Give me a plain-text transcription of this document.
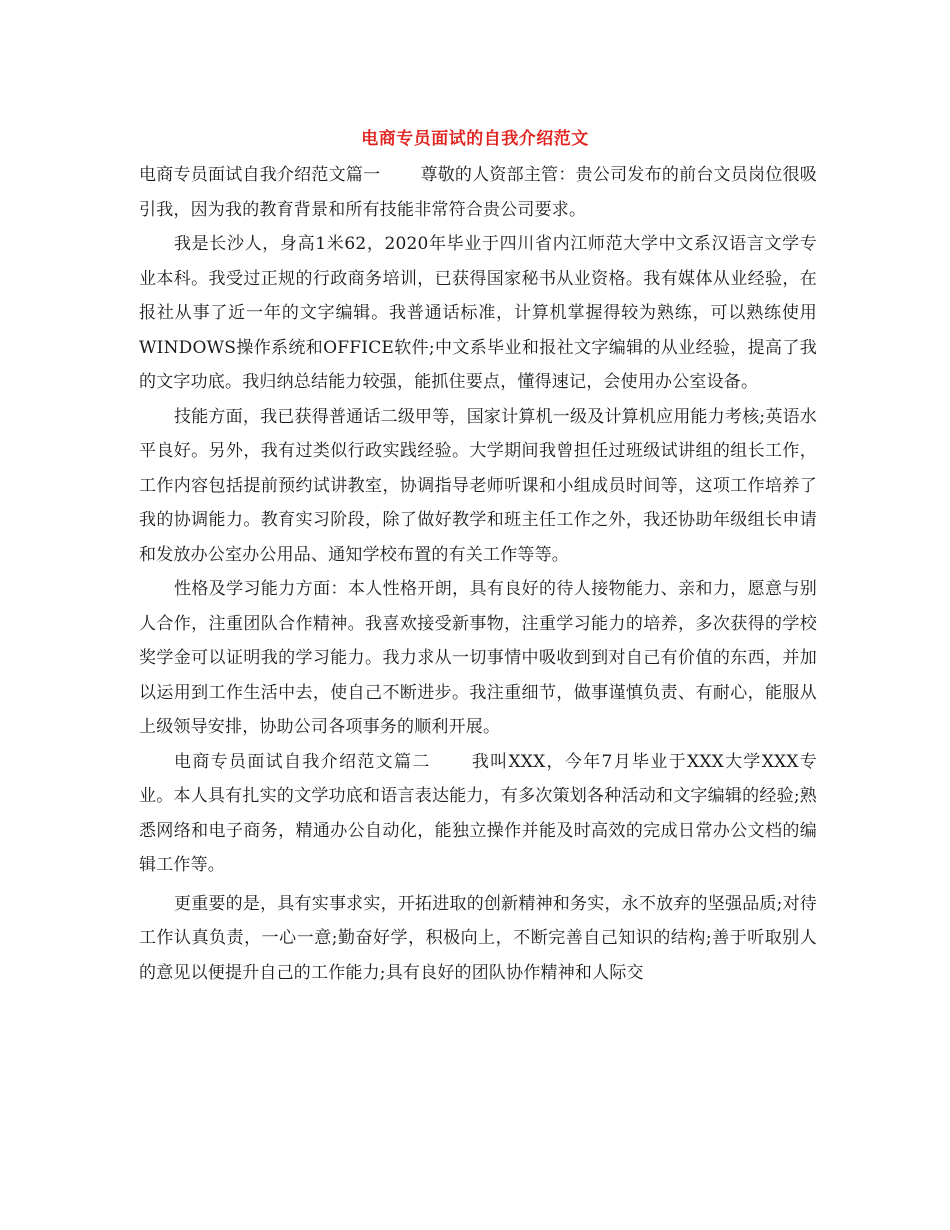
电商专员面试的自我介绍范文

电商专员面试自我介绍范文篇一 尊敬的人资部主管：贵公司发布的前台文员岗位很吸引我，因为我的教育背景和所有技能非常符合贵公司要求。

我是长沙人，身高1米62，2020年毕业于四川省内江师范大学中文系汉语言文学专业本科。我受过正规的行政商务培训，已获得国家秘书从业资格。我有媒体从业经验，在报社从事了近一年的文字编辑。我普通话标准，计算机掌握得较为熟练，可以熟练使用WINDOWS操作系统和OFFICE软件;中文系毕业和报社文字编辑的从业经验，提高了我的文字功底。我归纳总结能力较强，能抓住要点，懂得速记，会使用办公室设备。

技能方面，我已获得普通话二级甲等，国家计算机一级及计算机应用能力考核;英语水平良好。另外，我有过类似行政实践经验。大学期间我曾担任过班级试讲组的组长工作，工作内容包括提前预约试讲教室，协调指导老师听课和小组成员时间等，这项工作培养了我的协调能力。教育实习阶段，除了做好教学和班主任工作之外，我还协助年级组长申请和发放办公室办公用品、通知学校布置的有关工作等等。

性格及学习能力方面：本人性格开朗，具有良好的待人接物能力、亲和力，愿意与别人合作，注重团队合作精神。我喜欢接受新事物，注重学习能力的培养，多次获得的学校奖学金可以证明我的学习能力。我力求从一切事情中吸收到到对自己有价值的东西，并加以运用到工作生活中去，使自己不断进步。我注重细节，做事谨慎负责、有耐心，能服从上级领导安排，协助公司各项事务的顺利开展。

电商专员面试自我介绍范文篇二 我叫XXX，今年7月毕业于XXX大学XXX专业。本人具有扎实的文学功底和语言表达能力，有多次策划各种活动和文字编辑的经验;熟悉网络和电子商务，精通办公自动化，能独立操作并能及时高效的完成日常办公文档的编辑工作等。

更重要的是，具有实事求实，开拓进取的创新精神和务实，永不放弃的坚强品质;对待工作认真负责，一心一意;勤奋好学，积极向上，不断完善自己知识的结构;善于听取别人的意见以便提升自己的工作能力;具有良好的团队协作精神和人际交
